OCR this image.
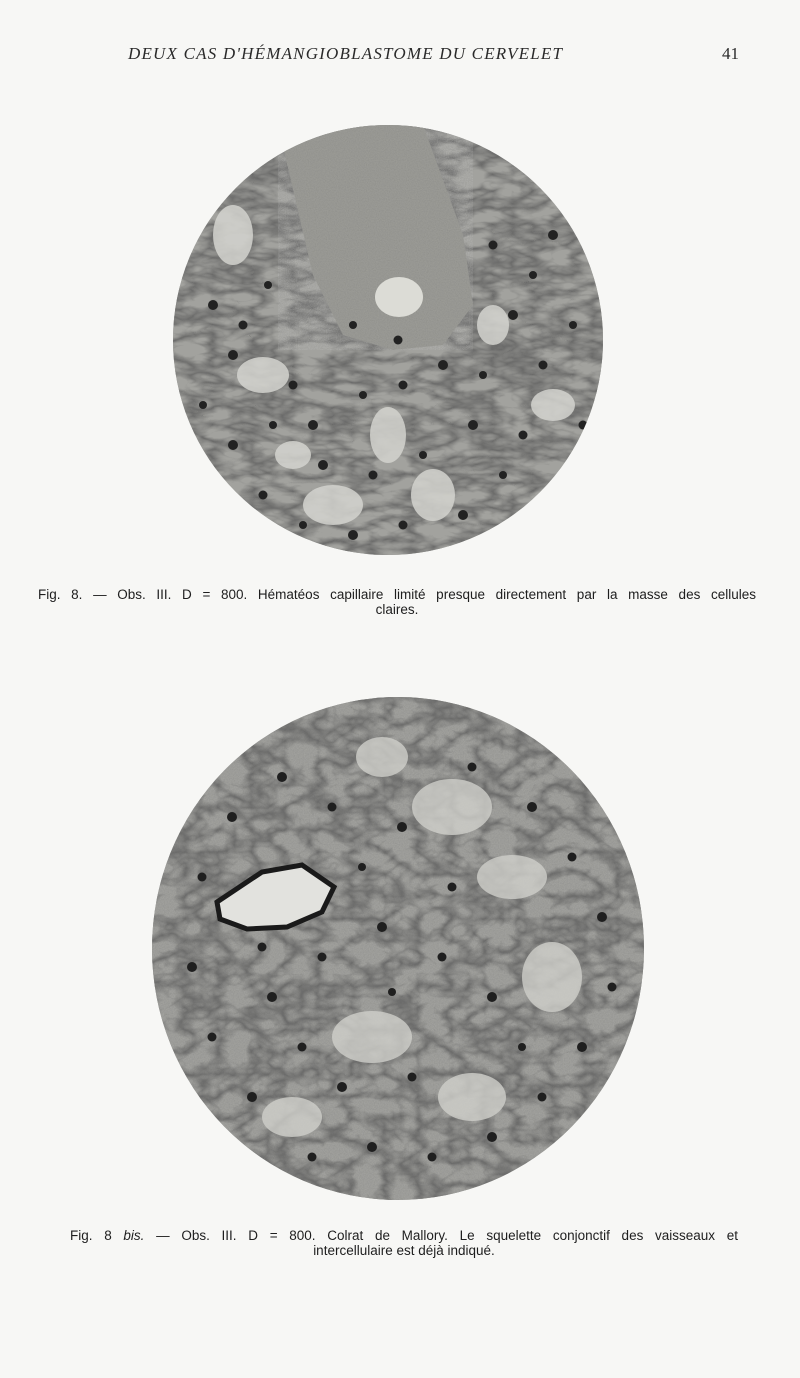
DEUX CAS D'HÉMANGIOBLASTOME DU CERVELET	41
Fig. 8. — Obs. III. D = 800. Hématéos capillaire limité presque directement par la masse des cellules
claires.
Fig. 8 bis. — Obs. III. D = 800. Colrat de Mallory. Le squelette conjonctif des vaisseaux et
intercellulaire est déjà indiqué.
